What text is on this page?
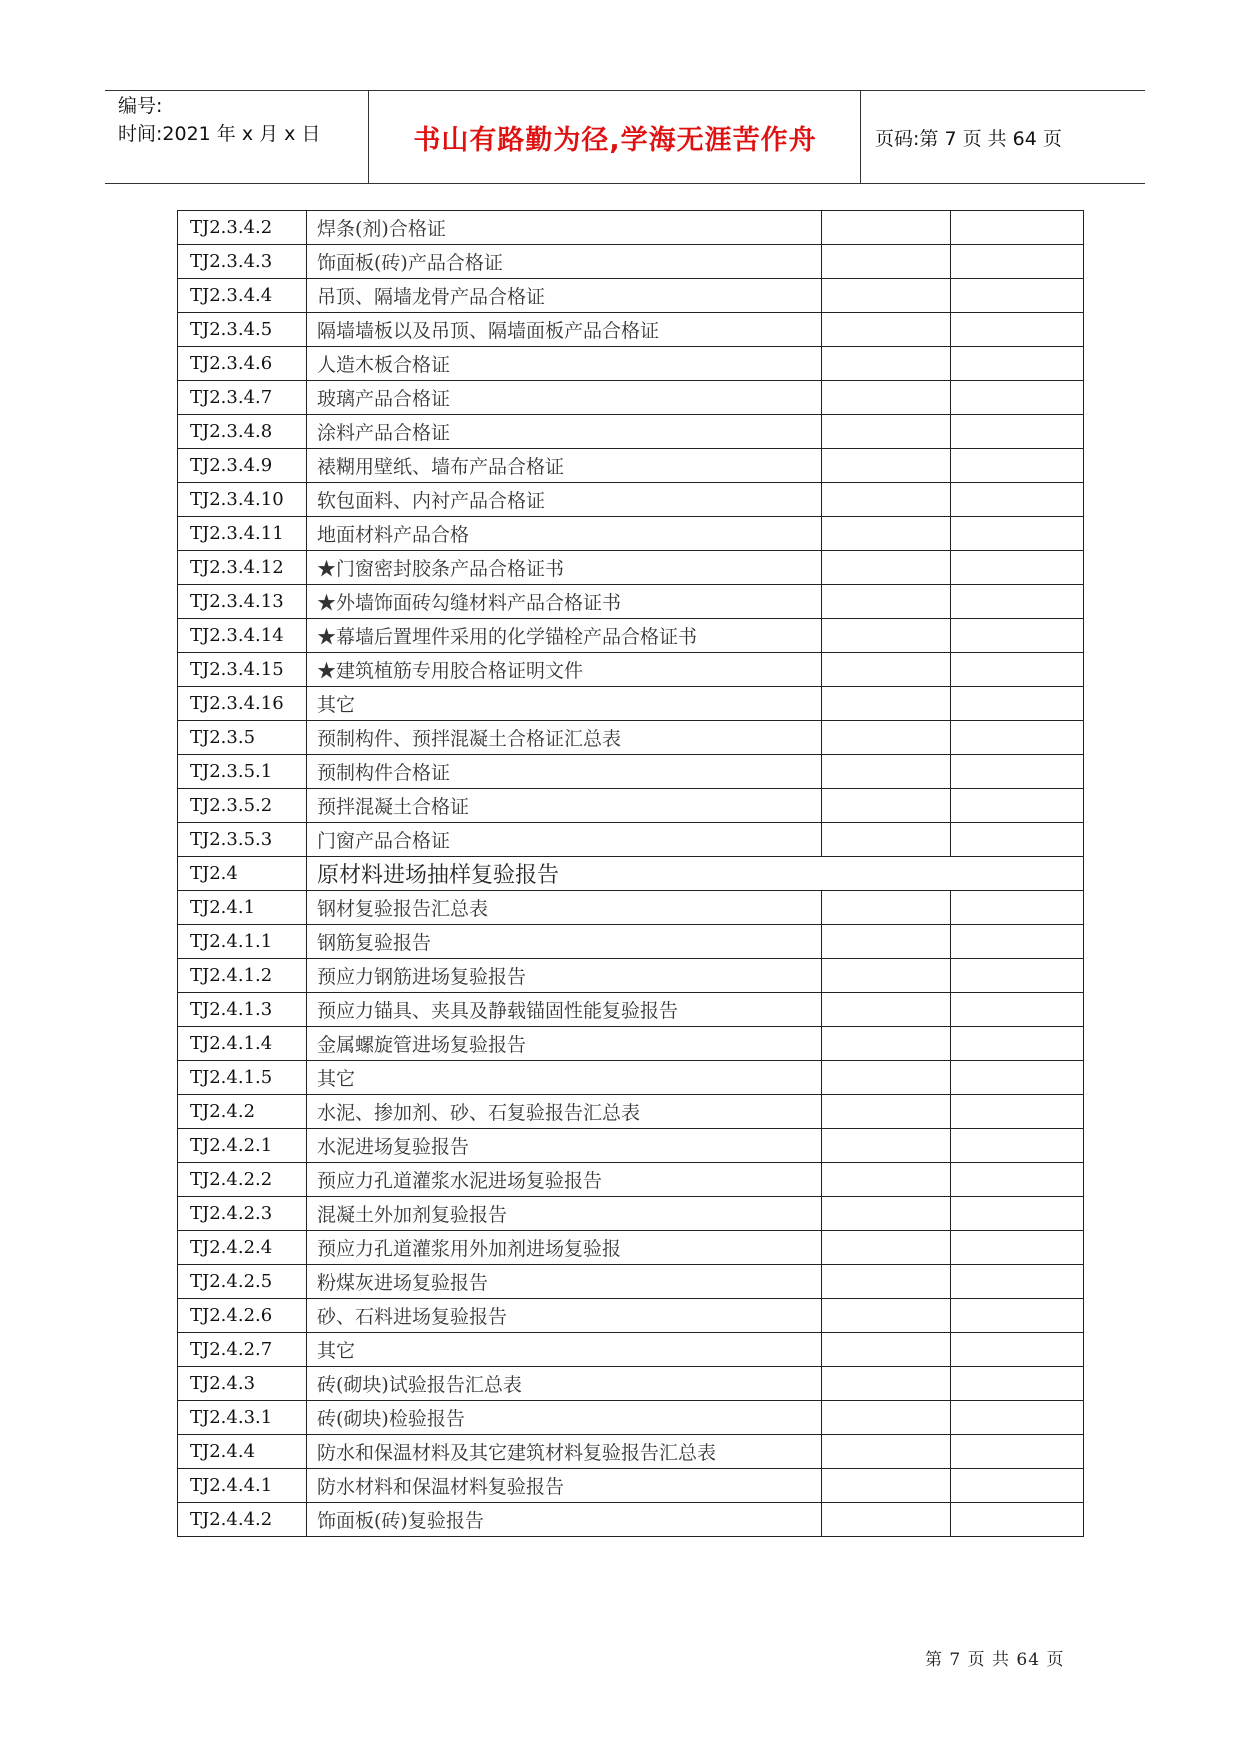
编号:
时间:2021 年 x 月 x 日	书山有路勤为径,学海无涯苦作舟	页码:第 7 页 共 64 页
TJ2.3.4.2	焊条(剂)合格证		
TJ2.3.4.3	饰面板(砖)产品合格证		
TJ2.3.4.4	吊顶、隔墙龙骨产品合格证		
TJ2.3.4.5	隔墙墙板以及吊顶、隔墙面板产品合格证		
TJ2.3.4.6	人造木板合格证		
TJ2.3.4.7	玻璃产品合格证		
TJ2.3.4.8	涂料产品合格证		
TJ2.3.4.9	裱糊用壁纸、墙布产品合格证		
TJ2.3.4.10	软包面料、内衬产品合格证		
TJ2.3.4.11	地面材料产品合格		
TJ2.3.4.12	★门窗密封胶条产品合格证书		
TJ2.3.4.13	★外墙饰面砖勾缝材料产品合格证书		
TJ2.3.4.14	★幕墙后置埋件采用的化学锚栓产品合格证书		
TJ2.3.4.15	★建筑植筋专用胶合格证明文件		
TJ2.3.4.16	其它		
TJ2.3.5	预制构件、预拌混凝土合格证汇总表		
TJ2.3.5.1	预制构件合格证		
TJ2.3.5.2	预拌混凝土合格证		
TJ2.3.5.3	门窗产品合格证		
TJ2.4	原材料进场抽样复验报告		
TJ2.4.1	钢材复验报告汇总表		
TJ2.4.1.1	钢筋复验报告		
TJ2.4.1.2	预应力钢筋进场复验报告		
TJ2.4.1.3	预应力锚具、夹具及静载锚固性能复验报告		
TJ2.4.1.4	金属螺旋管进场复验报告		
TJ2.4.1.5	其它		
TJ2.4.2	水泥、掺加剂、砂、石复验报告汇总表		
TJ2.4.2.1	水泥进场复验报告		
TJ2.4.2.2	预应力孔道灌浆水泥进场复验报告		
TJ2.4.2.3	混凝土外加剂复验报告		
TJ2.4.2.4	预应力孔道灌浆用外加剂进场复验报		
TJ2.4.2.5	粉煤灰进场复验报告		
TJ2.4.2.6	砂、石料进场复验报告		
TJ2.4.2.7	其它		
TJ2.4.3	砖(砌块)试验报告汇总表		
TJ2.4.3.1	砖(砌块)检验报告		
TJ2.4.4	防水和保温材料及其它建筑材料复验报告汇总表		
TJ2.4.4.1	防水材料和保温材料复验报告		
TJ2.4.4.2	饰面板(砖)复验报告		
第 7 页 共 64 页
